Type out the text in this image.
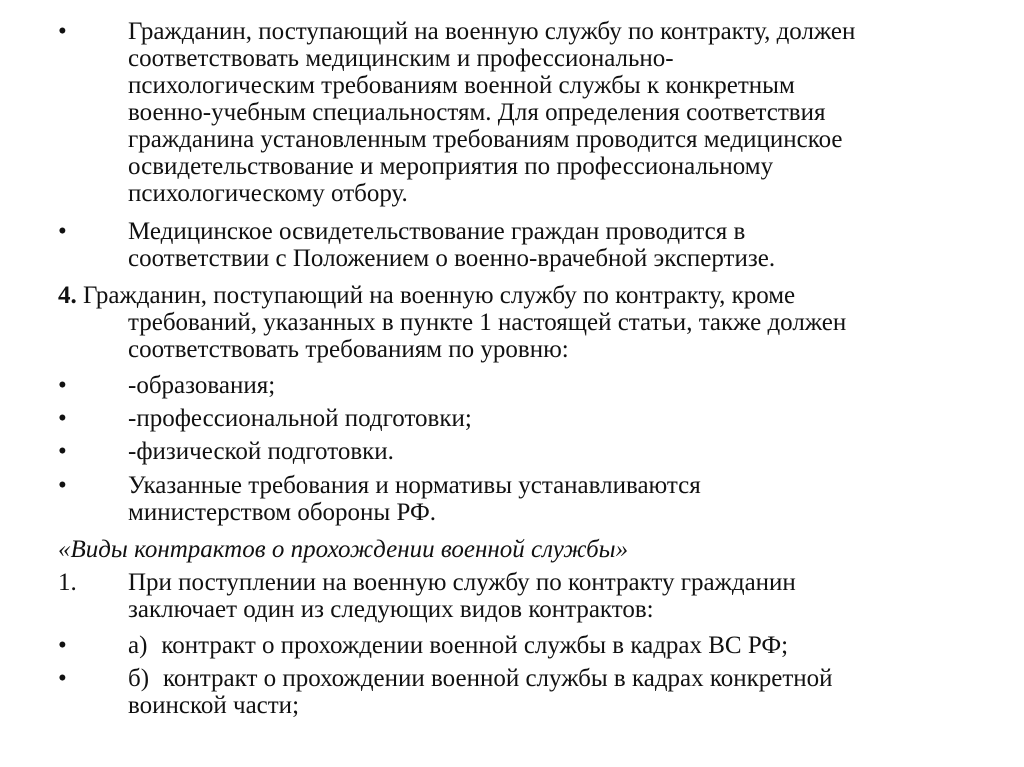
• Гражданин, поступающий на военную службу по контракту, должен
соответствовать медицинским и профессионально-
психологическим требованиям военной службы к конкретным
военно-учебным специальностям. Для определения соответствия
гражданина установленным требованиям проводится медицинское
освидетельствование и мероприятия по профессиональному
психологическому отбору.
• Медицинское освидетельствование граждан проводится в
соответствии с Положением о военно-врачебной экспертизе.
4. Гражданин, поступающий на военную службу по контракту, кроме
требований, указанных в пункте 1 настоящей статьи, также должен
соответствовать требованиям по уровню:
• -образования;
• -профессиональной подготовки;
• -физической подготовки.
• Указанные требования и нормативы устанавливаются
министерством обороны РФ.
«Виды контрактов о прохождении военной службы»
1. При поступлении на военную службу по контракту гражданин
заключает один из следующих видов контрактов:
• а) контракт о прохождении военной службы в кадрах ВС РФ;
• б) контракт о прохождении военной службы в кадрах конкретной
воинской части;
